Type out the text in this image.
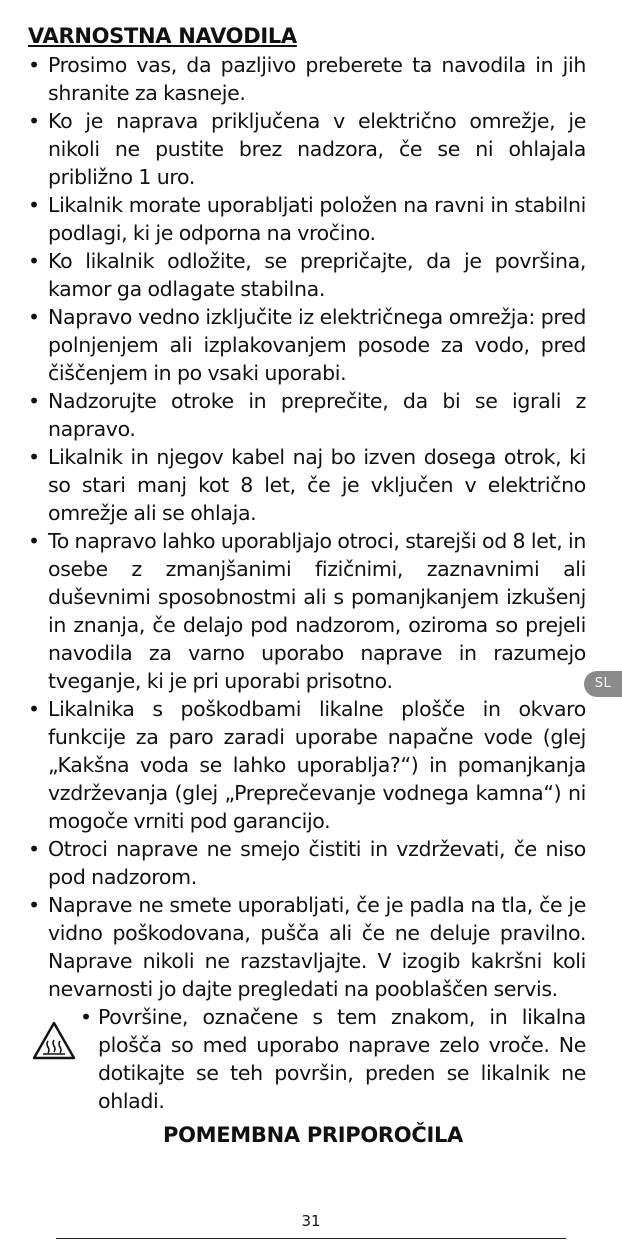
VARNOSTNA NAVODILA
• Prosimo vas, da pazljivo preberete ta navodila in jih shranite za kasneje.
• Ko je naprava priključena v električno omrežje, je nikoli ne pustite brez nadzora, če se ni ohlajala približno 1 uro.
• Likalnik morate uporabljati položen na ravni in stabilni podlagi, ki je odporna na vročino.
• Ko likalnik odložite, se prepričajte, da je površina, kamor ga odlagate stabilna.
• Napravo vedno izključite iz električnega omrežja: pred polnjenjem ali izplakovanjem posode za vodo, pred čiščenjem in po vsaki uporabi.
• Nadzorujte otroke in preprečite, da bi se igrali z napravo.
• Likalnik in njegov kabel naj bo izven dosega otrok, ki so stari manj kot 8 let, če je vključen v električno omrežje ali se ohlaja.
• To napravo lahko uporabljajo otroci, starejši od 8 let, in osebe z zmanjšanimi fizičnimi, zaznavnimi ali duševnimi sposobnostmi ali s pomanjkanjem izkušenj in znanja, če delajo pod nadzorom, oziroma so prejeli navodila za varno uporabo naprave in razumejo tveganje, ki je pri uporabi prisotno.
• Likalnika s poškodbami likalne plošče in okvaro funkcije za paro zaradi uporabe napačne vode (glej „Kakšna voda se lahko uporablja?“) in pomanjkanja vzdrževanja (glej „Preprečevanje vodnega kamna“) ni mogoče vrniti pod garancijo.
• Otroci naprave ne smejo čistiti in vzdrževati, če niso pod nadzorom.
• Naprave ne smete uporabljati, če je padla na tla, če je vidno poškodovana, pušča ali če ne deluje pravilno. Naprave nikoli ne razstavljajte. V izogib kakršni koli nevarnosti jo dajte pregledati na pooblaščen servis.
• Površine, označene s tem znakom, in likalna plošča so med uporabo naprave zelo vroče. Ne dotikajte se teh površin, preden se likalnik ne ohladi.
POMEMBNA PRIPOROČILA
SL
31
